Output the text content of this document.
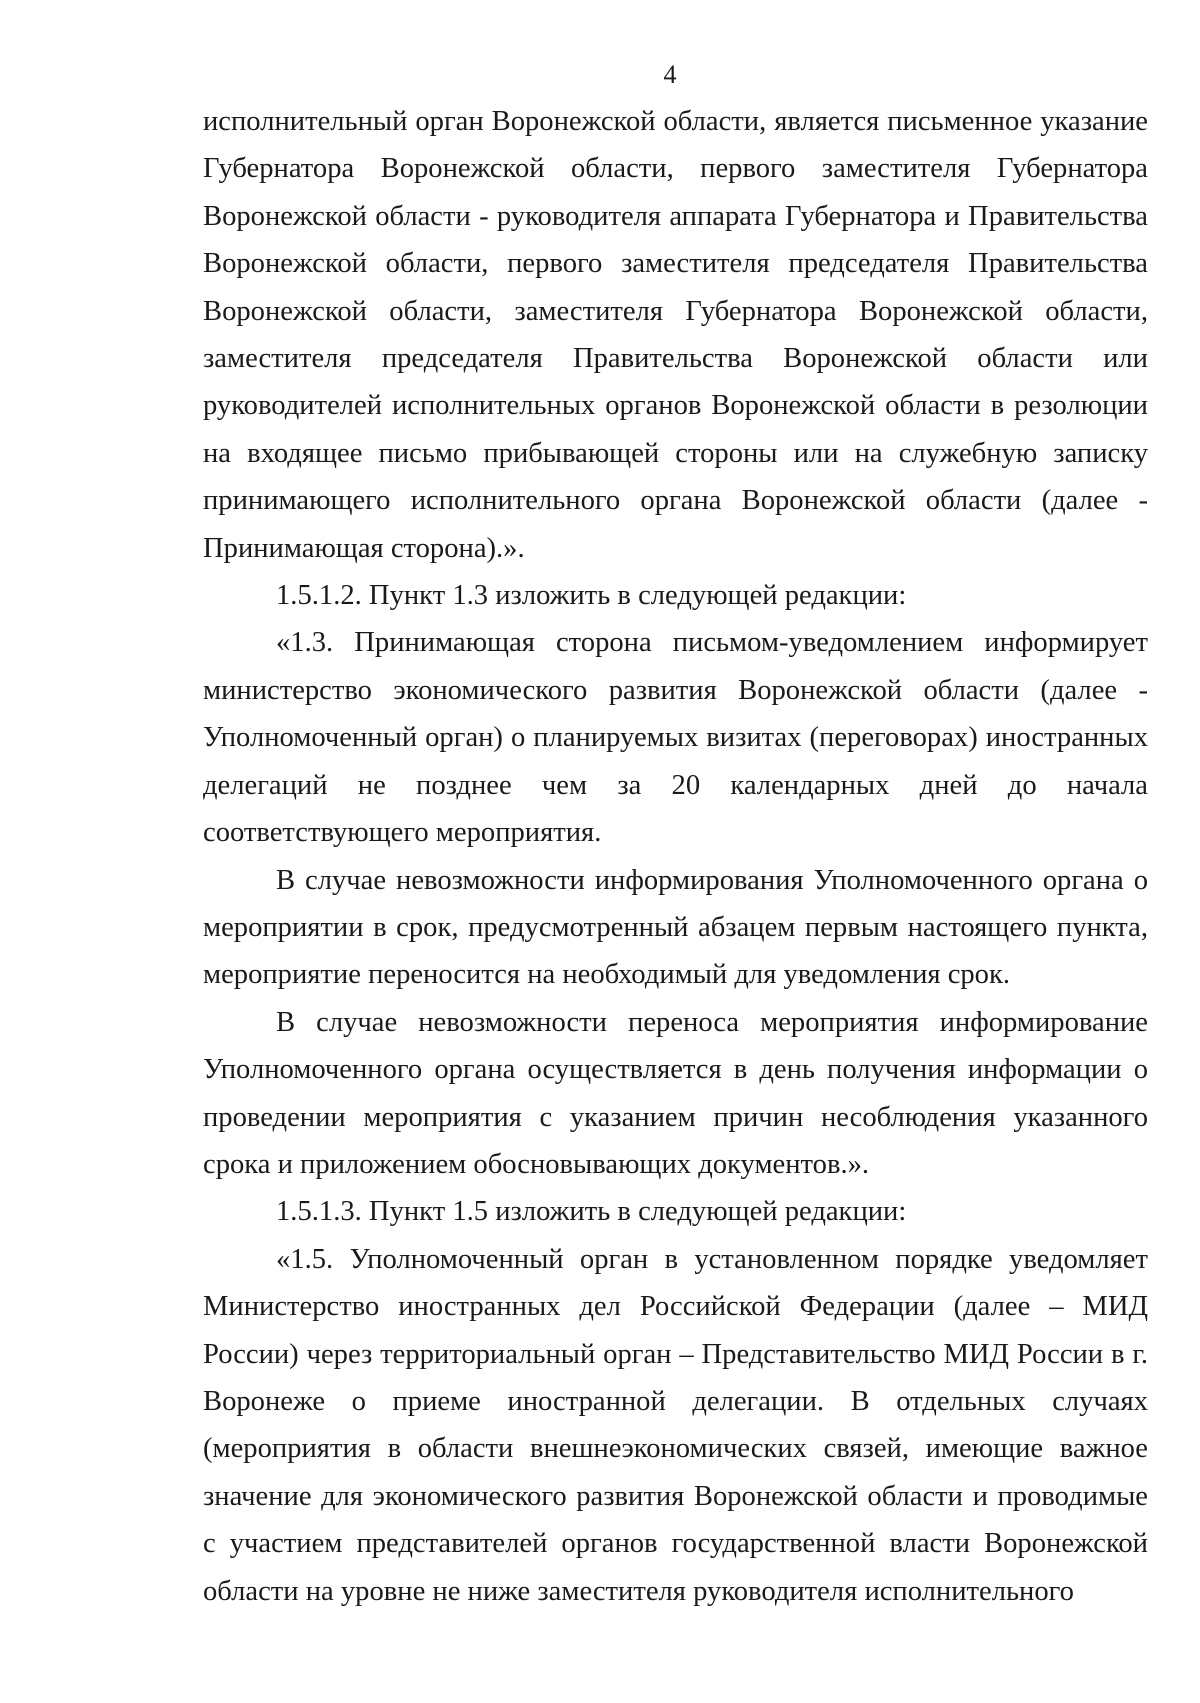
4

исполнительный орган Воронежской области, является письменное указание Губернатора Воронежской области, первого заместителя Губернатора Воронежской области - руководителя аппарата Губернатора и Правительства Воронежской области, первого заместителя председателя Правительства Воронежской области, заместителя Губернатора Воронежской области, заместителя председателя Правительства Воронежской области или руководителей исполнительных органов Воронежской области в резолюции на входящее письмо прибывающей стороны или на служебную записку принимающего исполнительного органа Воронежской области (далее - Принимающая сторона).».

1.5.1.2. Пункт 1.3 изложить в следующей редакции:

«1.3. Принимающая сторона письмом-уведомлением информирует министерство экономического развития Воронежской области (далее - Уполномоченный орган) о планируемых визитах (переговорах) иностранных делегаций не позднее чем за 20 календарных дней до начала соответствующего мероприятия.

В случае невозможности информирования Уполномоченного органа о мероприятии в срок, предусмотренный абзацем первым настоящего пункта, мероприятие переносится на необходимый для уведомления срок.

В случае невозможности переноса мероприятия информирование Уполномоченного органа осуществляется в день получения информации о проведении мероприятия с указанием причин несоблюдения указанного срока и приложением обосновывающих документов.».

1.5.1.3. Пункт 1.5 изложить в следующей редакции:

«1.5. Уполномоченный орган в установленном порядке уведомляет Министерство иностранных дел Российской Федерации (далее – МИД России) через территориальный орган – Представительство МИД России в г. Воронеже о приеме иностранной делегации. В отдельных случаях (мероприятия в области внешнеэкономических связей, имеющие важное значение для экономического развития Воронежской области и проводимые с участием представителей органов государственной власти Воронежской области на уровне не ниже заместителя руководителя исполнительного
